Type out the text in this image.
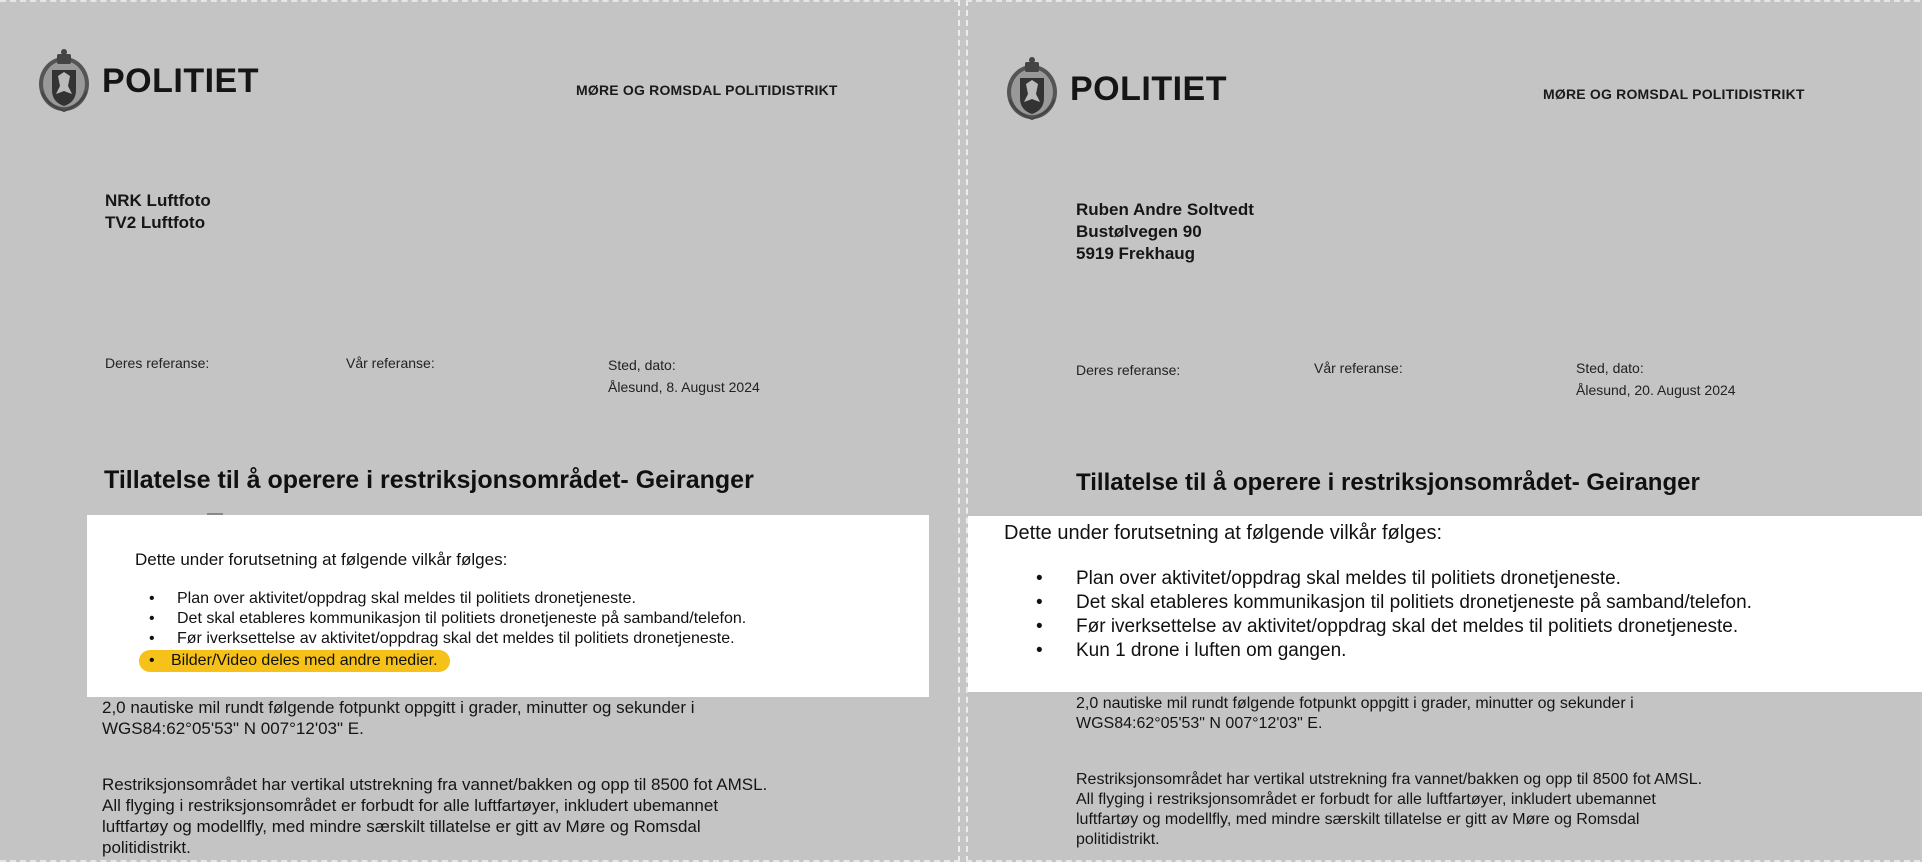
POLITIET	MØRE OG ROMSDAL POLITIDISTRIKT
NRK Luftfoto
TV2 Luftfoto
Deres referanse:	Vår referanse:	Sted, dato:
Ålesund, 8. August 2024
Tillatelse til å operere i restriksjonsområdet- Geiranger
—
Dette under forutsetning at følgende vilkår følges:
• Plan over aktivitet/oppdrag skal meldes til politiets dronetjeneste.
• Det skal etableres kommunikasjon til politiets dronetjeneste på samband/telefon.
• Før iverksettelse av aktivitet/oppdrag skal det meldes til politiets dronetjeneste.
• Bilder/Video deles med andre medier.

2,0 nautiske mil rundt følgende fotpunkt oppgitt i grader, minutter og sekunder i

WGS84:62°05'53" N 007°12'03" E.

Restriksjonsområdet har vertikal utstrekning fra vannet/bakken og opp til 8500 fot AMSL.

All flyging i restriksjonsområdet er forbudt for alle luftfartøyer, inkludert ubemannet

luftfartøy og modellfly, med mindre særskilt tillatelse er gitt av Møre og Romsdal

politidistrikt.

POLITIET	MØRE OG ROMSDAL POLITIDISTRIKT
Ruben Andre Soltvedt
Bustølvegen 90
5919 Frekhaug
Deres referanse:	Vår referanse:	Sted, dato:
Ålesund, 20. August 2024
Tillatelse til å operere i restriksjonsområdet- Geiranger
Dette under forutsetning at følgende vilkår følges:
• Plan over aktivitet/oppdrag skal meldes til politiets dronetjeneste.
• Det skal etableres kommunikasjon til politiets dronetjeneste på samband/telefon.
• Før iverksettelse av aktivitet/oppdrag skal det meldes til politiets dronetjeneste.
• Kun 1 drone i luften om gangen.

2,0 nautiske mil rundt følgende fotpunkt oppgitt i grader, minutter og sekunder i

WGS84:62°05'53" N 007°12'03" E.

Restriksjonsområdet har vertikal utstrekning fra vannet/bakken og opp til 8500 fot AMSL.

All flyging i restriksjonsområdet er forbudt for alle luftfartøyer, inkludert ubemannet

luftfartøy og modellfly, med mindre særskilt tillatelse er gitt av Møre og Romsdal

politidistrikt.
